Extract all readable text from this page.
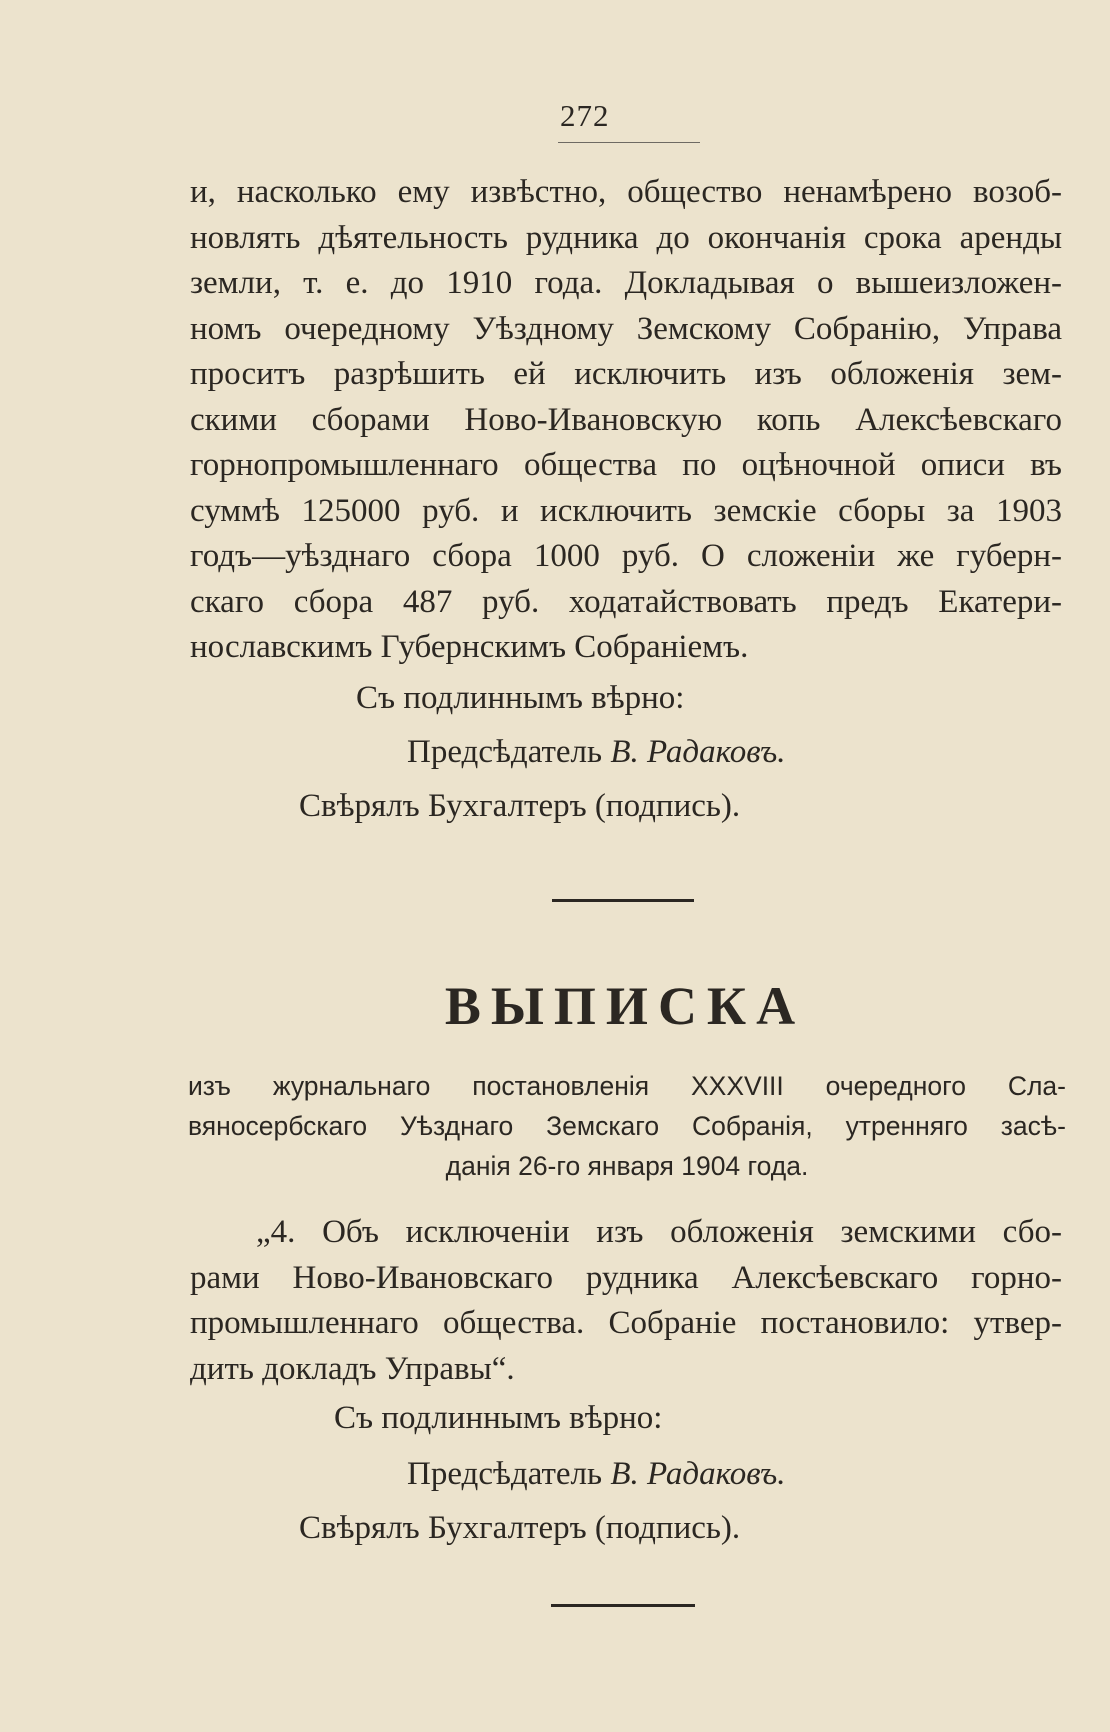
272
и, насколько ему извѣстно, общество ненамѣрено возоб-
новлять дѣятельность рудника до окончанія срока аренды
земли, т. е. до 1910 года. Докладывая о вышеизложен-
номъ очередному Уѣздному Земскому Собранію, Управа
проситъ разрѣшить ей исключить изъ обложенія зем-
скими сборами Ново-Ивановскую копь Алексѣевскаго
горнопромышленнаго общества по оцѣночной описи въ
суммѣ 125000 руб. и исключить земскіе сборы за 1903
годъ—уѣзднаго сбора 1000 руб. О сложеніи же губерн-
скаго сбора 487 руб. ходатайствовать предъ Екатери-
нославскимъ Губернскимъ Собраніемъ.
Съ подлиннымъ вѣрно:
Предсѣдатель В. Радаковъ.
Свѣрялъ Бухгалтеръ (подпись).
ВЫПИСКА
изъ журнальнаго постановленія XXXVIII очередного Сла-
вяносербскаго Уѣзднаго Земскаго Собранія, утренняго засѣ-
данія 26-го января 1904 года.
„4. Объ исключеніи изъ обложенія земскими сбо-
рами Ново-Ивановскаго рудника Алексѣевскаго горно-
промышленнаго общества. Собраніе постановило: утвер-
дить докладъ Управы“.
Съ подлиннымъ вѣрно:
Предсѣдатель В. Радаковъ.
Свѣрялъ Бухгалтеръ (подпись).
